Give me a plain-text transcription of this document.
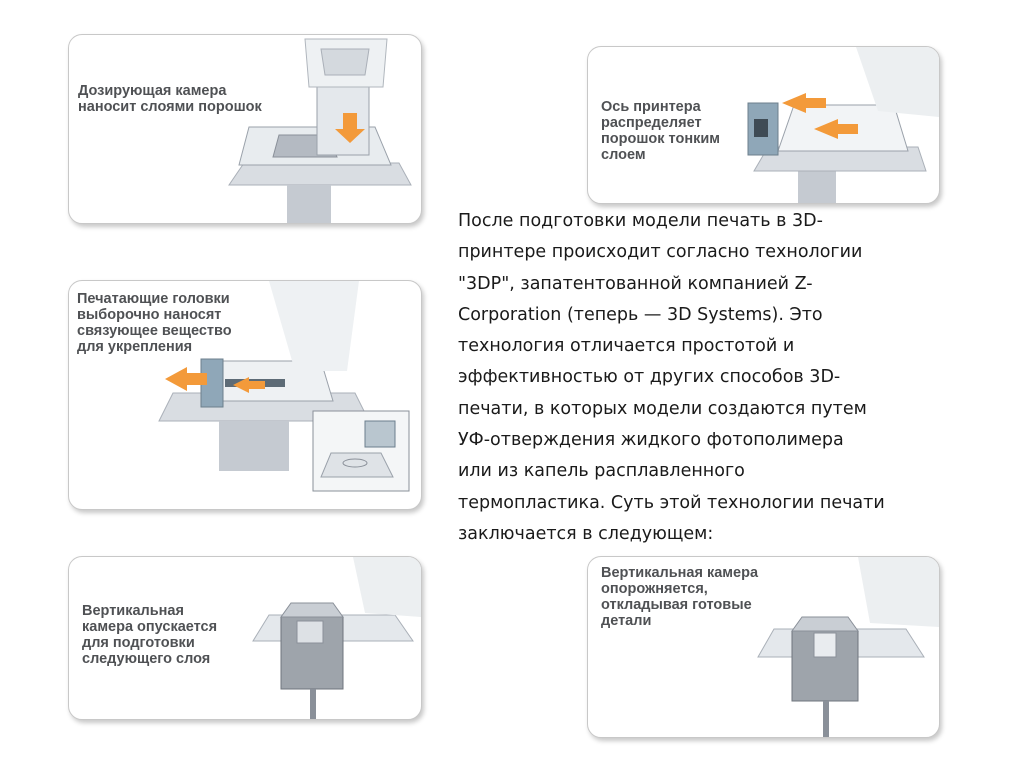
Дозирующая камера
наносит слоями порошок	Ось принтера
распределяет
порошок тонким
слоем

Печатающие головки
выборочно наносят
связующее вещество
для укрепления

Вертикальная
камера опускается
для подготовки
следующего слоя

Вертикальная камера
опорожняется,
откладывая готовые
детали

После подготовки модели печать в 3D-
принтере происходит согласно технологии
"3DP", запатентованной компанией Z-
Corporation (теперь — 3D Systems). Это
технология отличается простотой и
эффективностью от других способов 3D-
печати, в которых модели создаются путем
УФ-отверждения жидкого фотополимера
или из капель расплавленного
термопластика. Суть этой технологии печати
заключается в следующем:
